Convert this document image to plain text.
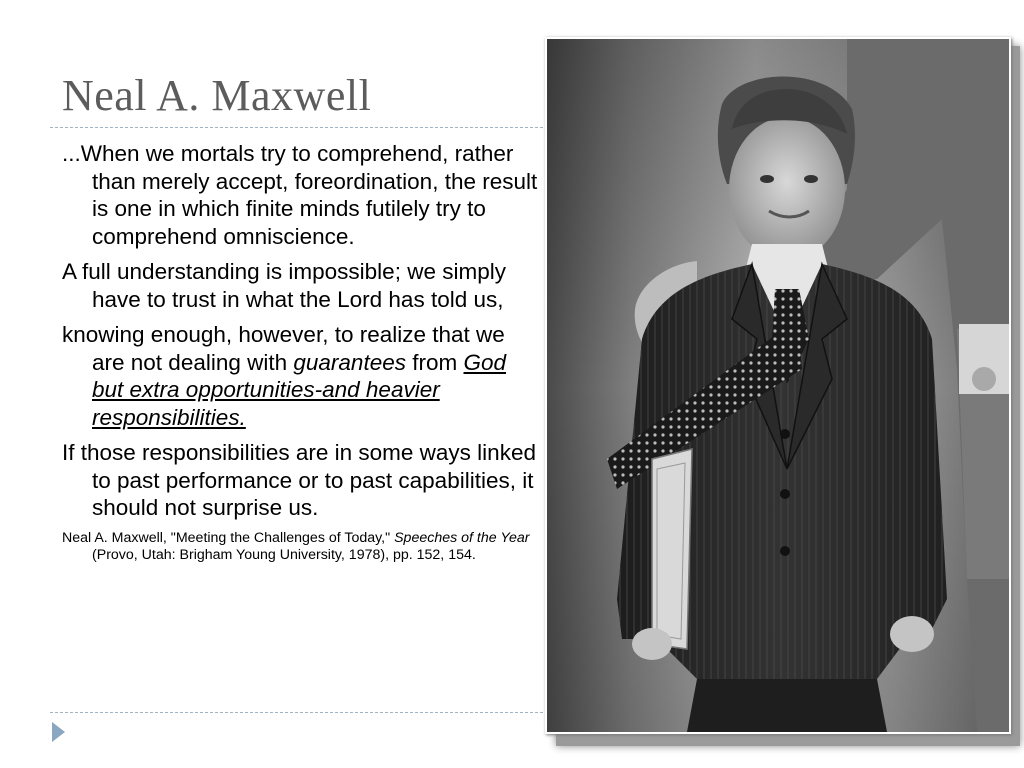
Neal A. Maxwell

...When we mortals try to comprehend, rather than merely accept, foreordination, the result is one in which finite minds futilely try to comprehend omniscience.

A full understanding is impossible; we simply have to trust in what the Lord has told us,

knowing enough, however, to realize that we are not dealing with guarantees from God but extra opportunities-and heavier responsibilities.

If those responsibilities are in some ways linked to past performance or to past capabilities, it should not surprise us.

Neal A. Maxwell, "Meeting the Challenges of Today," Speeches of the Year (Provo, Utah: Brigham Young University, 1978), pp. 152, 154.
